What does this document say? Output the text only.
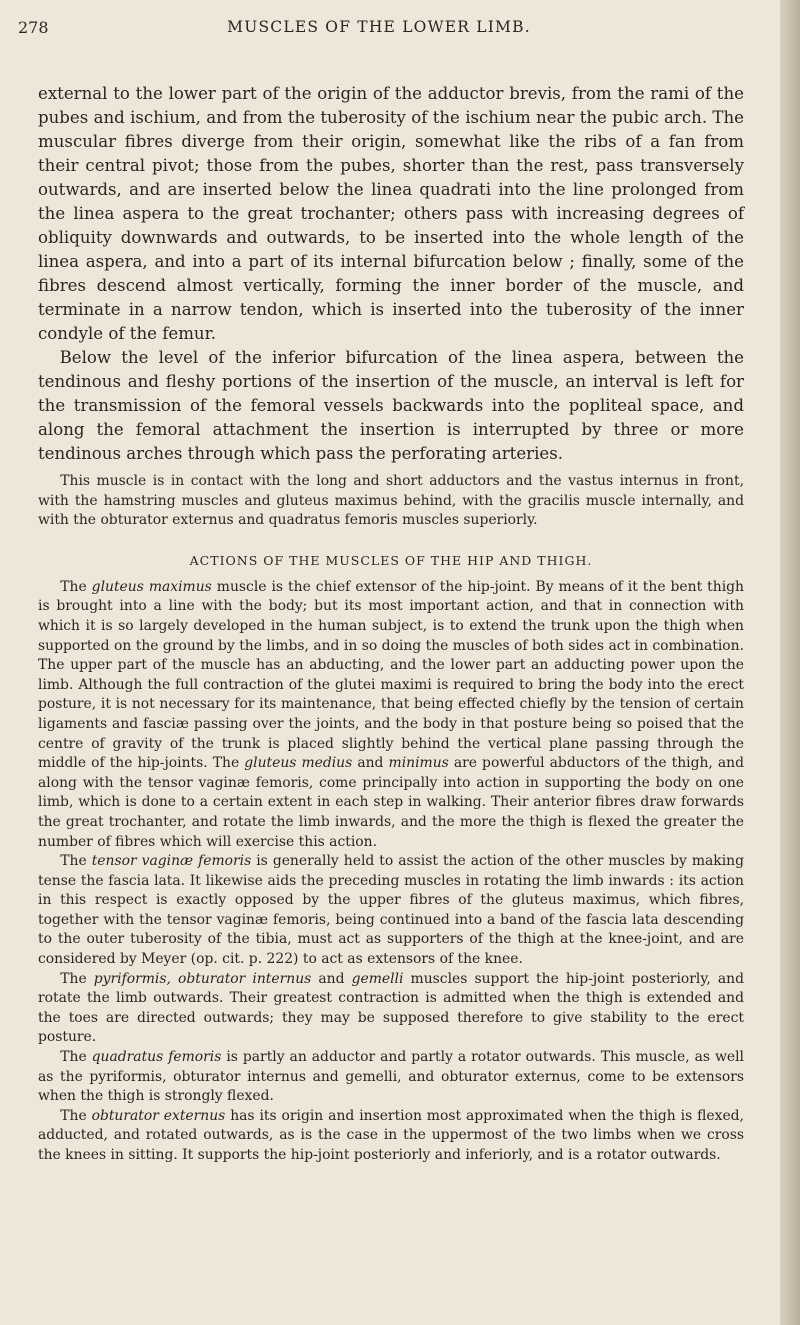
278	MUSCLES OF THE LOWER LIMB.

external to the lower part of the origin of the adductor brevis, from the rami of the pubes and ischium, and from the tuberosity of the ischium near the pubic arch. The muscular fibres diverge from their origin, somewhat like the ribs of a fan from their central pivot; those from the pubes, shorter than the rest, pass transversely outwards, and are inserted below the linea quadrati into the line prolonged from the linea aspera to the great trochanter; others pass with increasing degrees of obliquity downwards and outwards, to be inserted into the whole length of the linea aspera, and into a part of its internal bifurcation below ; finally, some of the fibres descend almost vertically, forming the inner border of the muscle, and terminate in a narrow tendon, which is inserted into the tuberosity of the inner condyle of the femur.

Below the level of the inferior bifurcation of the linea aspera, between the tendinous and fleshy portions of the insertion of the muscle, an interval is left for the transmission of the femoral vessels backwards into the popliteal space, and along the femoral attachment the insertion is interrupted by three or more tendinous arches through which pass the perforating arteries.

This muscle is in contact with the long and short adductors and the vastus internus in front, with the hamstring muscles and gluteus maximus behind, with the gracilis muscle internally, and with the obturator externus and quadratus femoris muscles superiorly.

ACTIONS OF THE MUSCLES OF THE HIP AND THIGH.

The gluteus maximus muscle is the chief extensor of the hip-joint. By means of it the bent thigh is brought into a line with the body; but its most important action, and that in connection with which it is so largely developed in the human subject, is to extend the trunk upon the thigh when supported on the ground by the limbs, and in so doing the muscles of both sides act in combination. The upper part of the muscle has an abducting, and the lower part an adducting power upon the limb. Although the full contraction of the glutei maximi is required to bring the body into the erect posture, it is not necessary for its maintenance, that being effected chiefly by the tension of certain ligaments and fasciæ passing over the joints, and the body in that posture being so poised that the centre of gravity of the trunk is placed slightly behind the vertical plane passing through the middle of the hip-joints. The gluteus medius and minimus are powerful abductors of the thigh, and along with the tensor vaginæ femoris, come principally into action in supporting the body on one limb, which is done to a certain extent in each step in walking. Their anterior fibres draw forwards the great trochanter, and rotate the limb inwards, and the more the thigh is flexed the greater the number of fibres which will exercise this action.

The tensor vaginæ femoris is generally held to assist the action of the other muscles by making tense the fascia lata. It likewise aids the preceding muscles in rotating the limb inwards : its action in this respect is exactly opposed by the upper fibres of the gluteus maximus, which fibres, together with the tensor vaginæ femoris, being continued into a band of the fascia lata descending to the outer tuberosity of the tibia, must act as supporters of the thigh at the knee-joint, and are considered by Meyer (op. cit. p. 222) to act as extensors of the knee.

The pyriformis, obturator internus and gemelli muscles support the hip-joint posteriorly, and rotate the limb outwards. Their greatest contraction is admitted when the thigh is extended and the toes are directed outwards; they may be supposed therefore to give stability to the erect posture.

The quadratus femoris is partly an adductor and partly a rotator outwards. This muscle, as well as the pyriformis, obturator internus and gemelli, and obturator externus, come to be extensors when the thigh is strongly flexed.

The obturator externus has its origin and insertion most approximated when the thigh is flexed, adducted, and rotated outwards, as is the case in the uppermost of the two limbs when we cross the knees in sitting. It supports the hip-joint posteriorly and inferiorly, and is a rotator outwards.
